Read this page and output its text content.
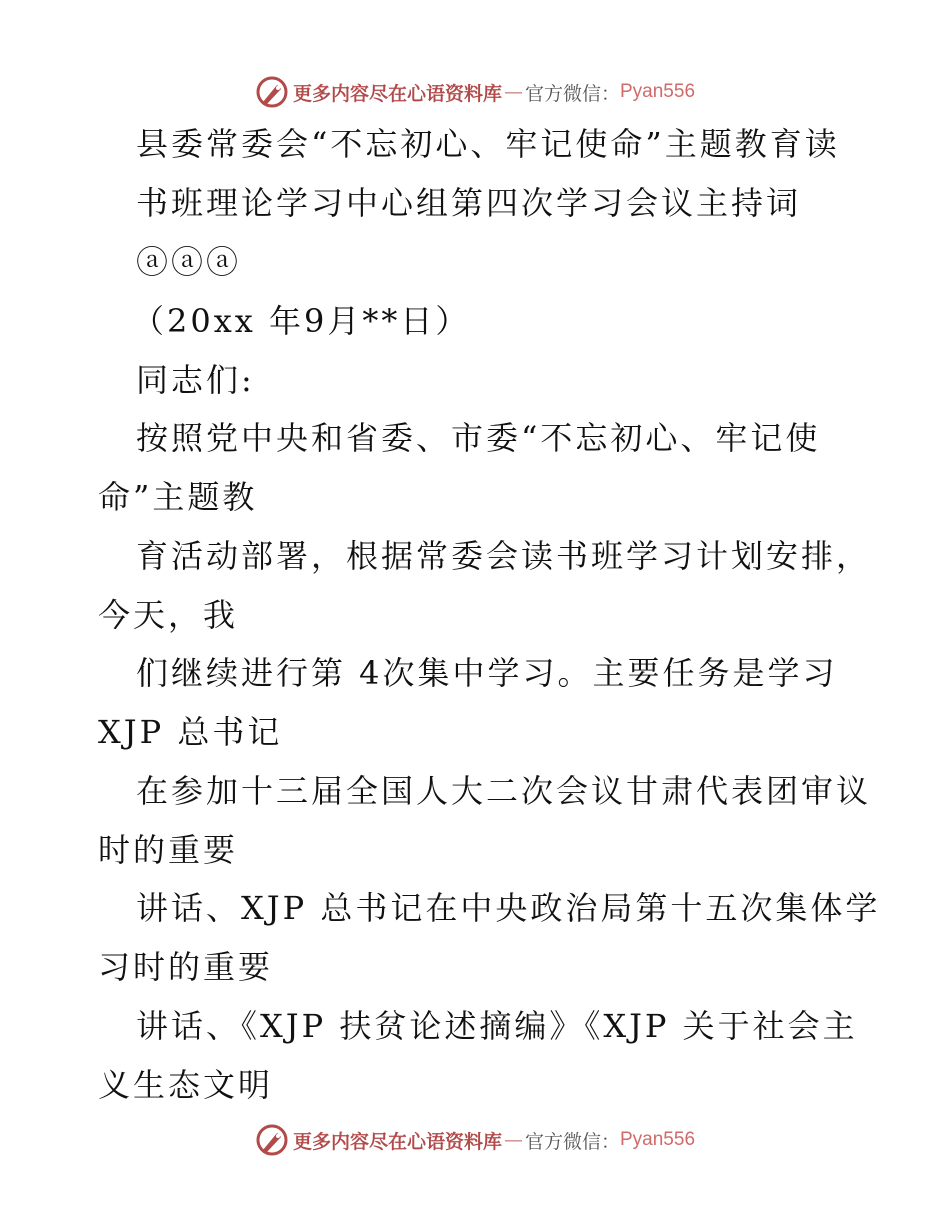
更多内容尽在心语资料库 — 官方微信： Pyan556
县委常委会“不忘初心、牢记使命”主题教育读
书班理论学习中心组第四次学习会议主持词
ⓐⓐⓐ
（20xx 年9月**日）
同志们:
按照党中央和省委、市委“不忘初心、牢记使
命”主题教
育活动部署，根据常委会读书班学习计划安排，
今天，我
们继续进行第 4次集中学习。主要任务是学习
XJP 总书记
在参加十三届全国人大二次会议甘肃代表团审议
时的重要
讲话、XJP 总书记在中央政治局第十五次集体学
习时的重要
讲话、《XJP 扶贫论述摘编》《XJP 关于社会主
义生态文明
更多内容尽在心语资料库 — 官方微信： Pyan556
